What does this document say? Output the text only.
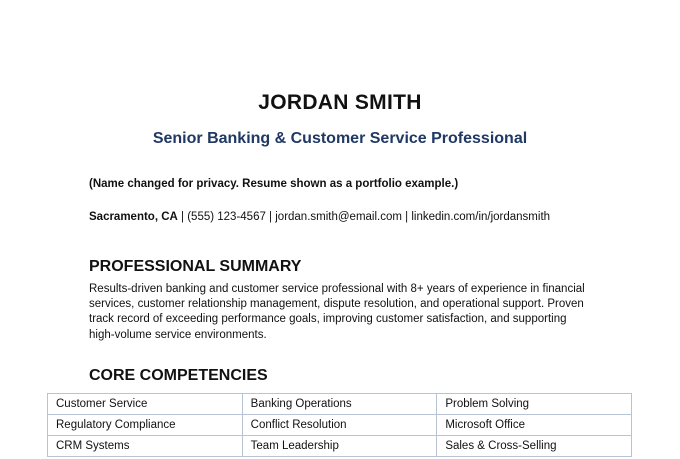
JORDAN SMITH
Senior Banking & Customer Service Professional

(Name changed for privacy. Resume shown as a portfolio example.)

Sacramento, CA | (555) 123-4567 | jordan.smith@email.com | linkedin.com/in/jordansmith

PROFESSIONAL SUMMARY

Results-driven banking and customer service professional with 8+ years of experience in financial services, customer relationship management, dispute resolution, and operational support. Proven track record of exceeding performance goals, improving customer satisfaction, and supporting high-volume service environments.

CORE COMPETENCIES
Customer Service	Banking Operations	Problem Solving
Regulatory Compliance	Conflict Resolution	Microsoft Office
CRM Systems	Team Leadership	Sales & Cross-Selling
